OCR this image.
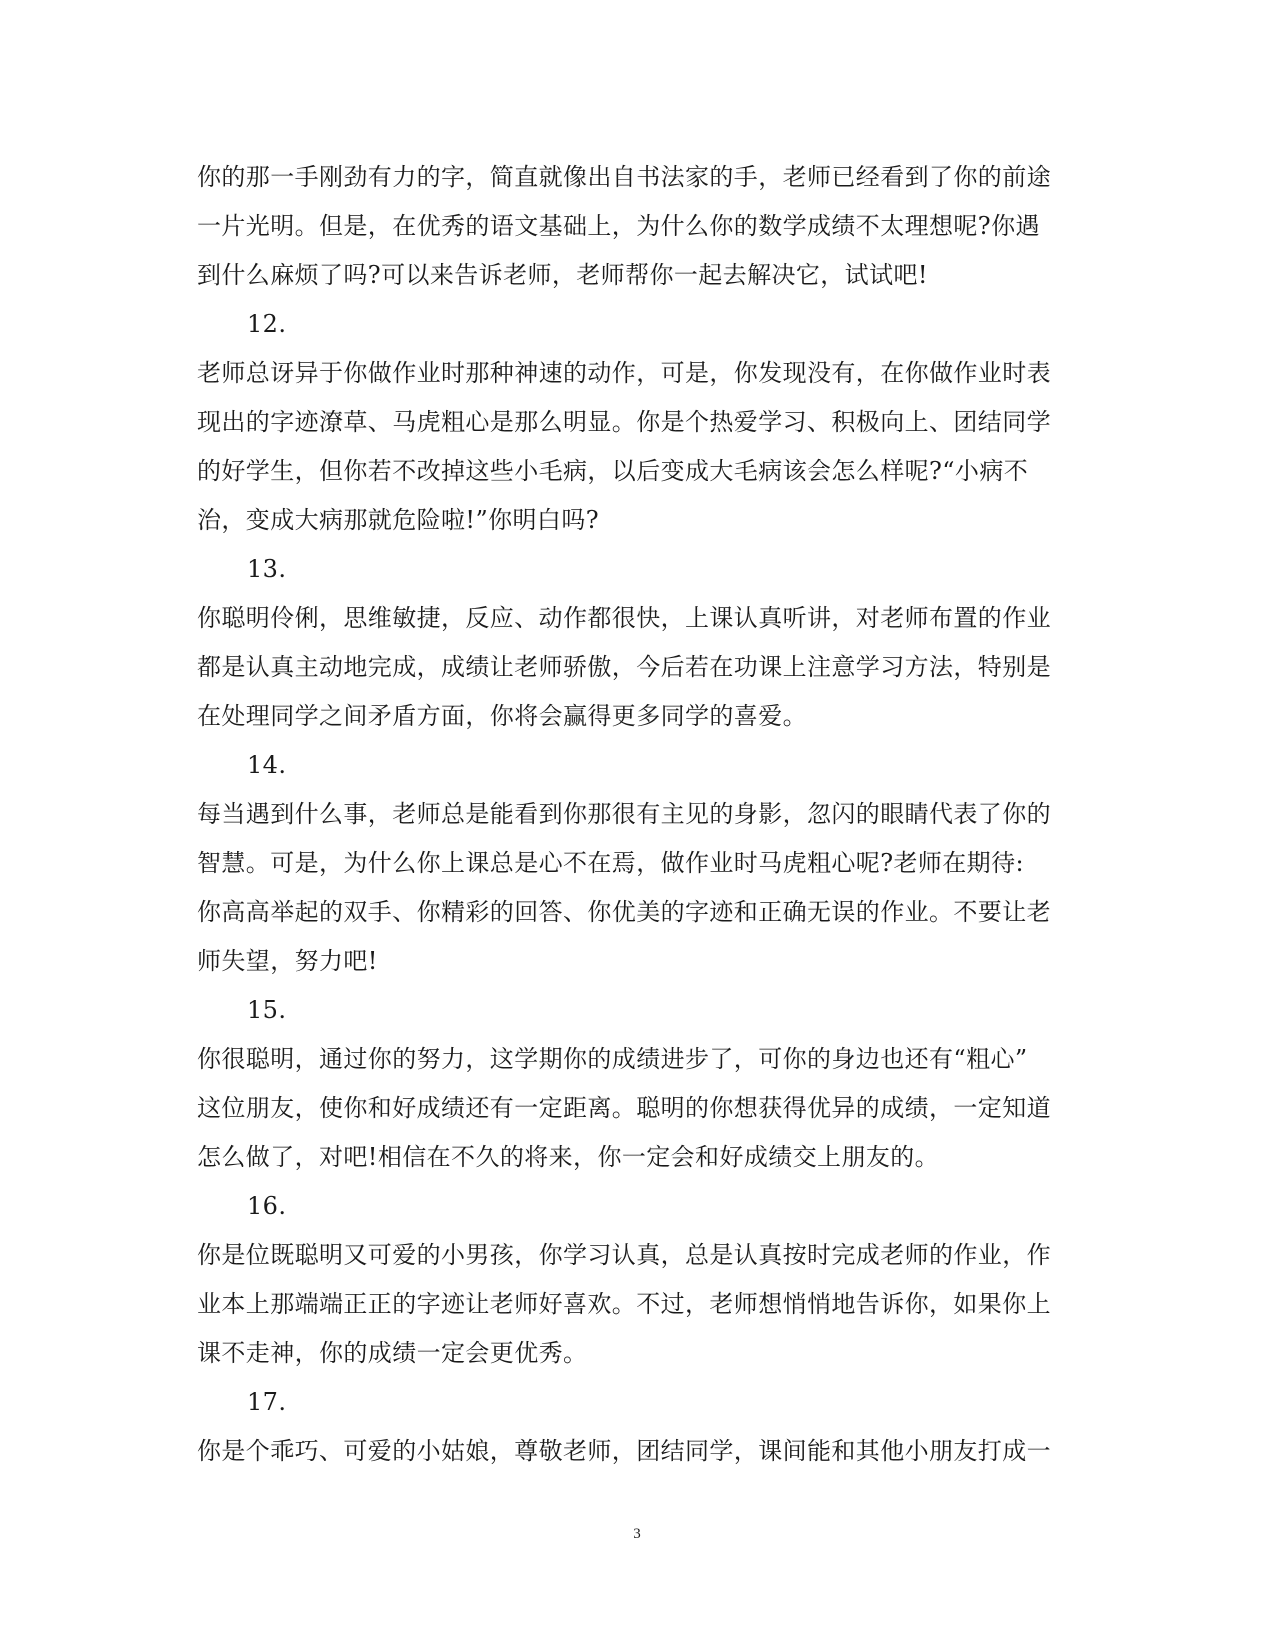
你的那一手刚劲有力的字，简直就像出自书法家的手，老师已经看到了你的前途
一片光明。但是，在优秀的语文基础上，为什么你的数学成绩不太理想呢?你遇
到什么麻烦了吗?可以来告诉老师，老师帮你一起去解决它，试试吧!
12.
老师总讶异于你做作业时那种神速的动作，可是，你发现没有，在你做作业时表
现出的字迹潦草、马虎粗心是那么明显。你是个热爱学习、积极向上、团结同学
的好学生，但你若不改掉这些小毛病，以后变成大毛病该会怎么样呢?“小病不
治，变成大病那就危险啦!”你明白吗?
13.
你聪明伶俐，思维敏捷，反应、动作都很快，上课认真听讲，对老师布置的作业
都是认真主动地完成，成绩让老师骄傲，今后若在功课上注意学习方法，特别是
在处理同学之间矛盾方面，你将会赢得更多同学的喜爱。
14.
每当遇到什么事，老师总是能看到你那很有主见的身影，忽闪的眼睛代表了你的
智慧。可是，为什么你上课总是心不在焉，做作业时马虎粗心呢?老师在期待:
你高高举起的双手、你精彩的回答、你优美的字迹和正确无误的作业。不要让老
师失望，努力吧!
15.
你很聪明，通过你的努力，这学期你的成绩进步了，可你的身边也还有“粗心”
这位朋友，使你和好成绩还有一定距离。聪明的你想获得优异的成绩，一定知道
怎么做了，对吧!相信在不久的将来，你一定会和好成绩交上朋友的。
16.
你是位既聪明又可爱的小男孩，你学习认真，总是认真按时完成老师的作业，作
业本上那端端正正的字迹让老师好喜欢。不过，老师想悄悄地告诉你，如果你上
课不走神，你的成绩一定会更优秀。
17.
你是个乖巧、可爱的小姑娘，尊敬老师，团结同学，课间能和其他小朋友打成一
3
